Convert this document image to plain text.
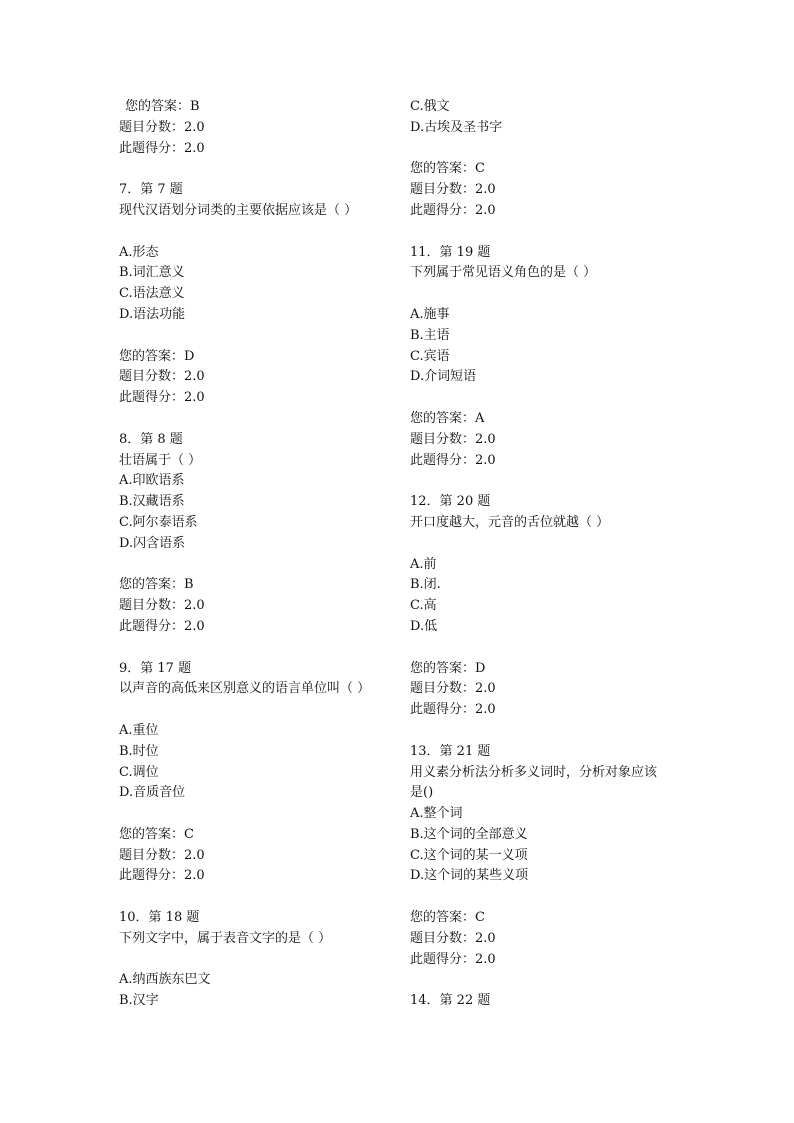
您的答案：B
题目分数：2.0
此题得分：2.0
7．第 7 题
现代汉语划分词类的主要依据应该是（ ）
A.形态
B.词汇意义
C.语法意义
D.语法功能
您的答案：D
题目分数：2.0
此题得分：2.0
8．第 8 题
壮语属于（ ）
A.印欧语系
B.汉藏语系
C.阿尔泰语系
D.闪含语系
您的答案：B
题目分数：2.0
此题得分：2.0
9．第 17 题
以声音的高低来区别意义的语言单位叫（ ）
A.重位
B.时位
C.调位
D.音质音位
您的答案：C
题目分数：2.0
此题得分：2.0
10．第 18 题
下列文字中，属于表音文字的是（ ）
A.纳西族东巴文
B.汉字
C.俄文
D.古埃及圣书字
您的答案：C
题目分数：2.0
此题得分：2.0
11．第 19 题
下列属于常见语义角色的是（ ）
A.施事
B.主语
C.宾语
D.介词短语
您的答案：A
题目分数：2.0
此题得分：2.0
12．第 20 题
开口度越大，元音的舌位就越（ ）
A.前
B.闭.
C.高
D.低
您的答案：D
题目分数：2.0
此题得分：2.0
13．第 21 题
用义素分析法分析多义词时，分析对象应该
是()
A.整个词
B.这个词的全部意义
C.这个词的某一义项
D.这个词的某些义项
您的答案：C
题目分数：2.0
此题得分：2.0
14．第 22 题
